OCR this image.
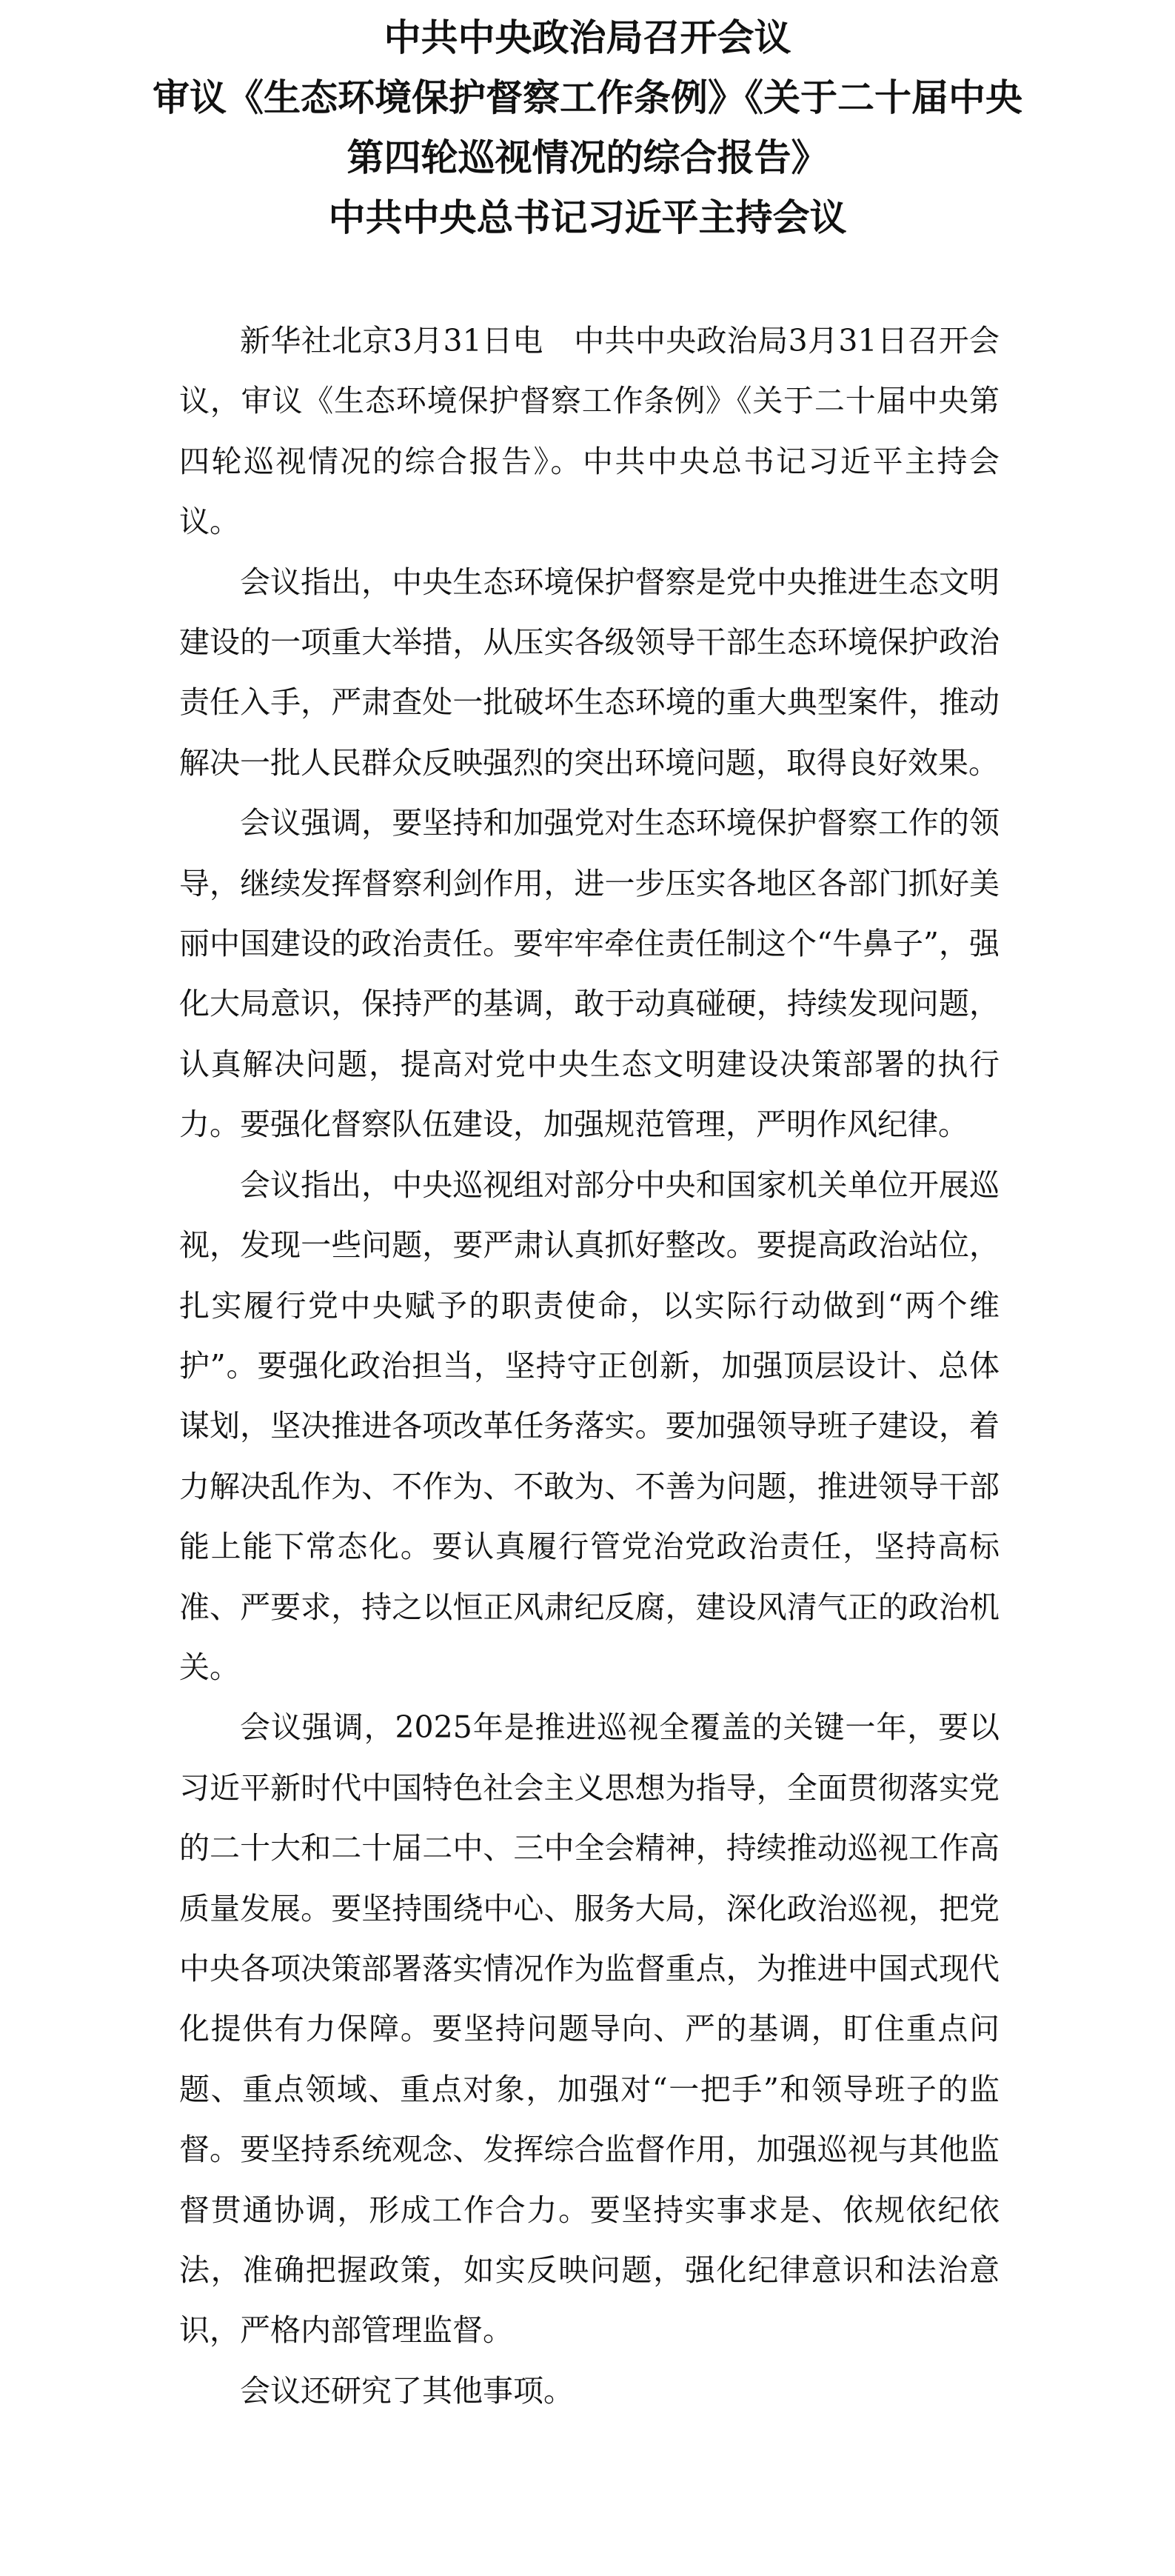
中共中央政治局召开会议
审议《生态环境保护督察工作条例》《关于二十届中央
第四轮巡视情况的综合报告》
中共中央总书记习近平主持会议

新华社北京3月31日电　中共中央政治局3月31日召开会议，审议《生态环境保护督察工作条例》《关于二十届中央第四轮巡视情况的综合报告》。中共中央总书记习近平主持会议。

会议指出，中央生态环境保护督察是党中央推进生态文明建设的一项重大举措，从压实各级领导干部生态环境保护政治责任入手，严肃查处一批破坏生态环境的重大典型案件，推动解决一批人民群众反映强烈的突出环境问题，取得良好效果。

会议强调，要坚持和加强党对生态环境保护督察工作的领导，继续发挥督察利剑作用，进一步压实各地区各部门抓好美丽中国建设的政治责任。要牢牢牵住责任制这个“牛鼻子”，强化大局意识，保持严的基调，敢于动真碰硬，持续发现问题，认真解决问题，提高对党中央生态文明建设决策部署的执行力。要强化督察队伍建设，加强规范管理，严明作风纪律。

会议指出，中央巡视组对部分中央和国家机关单位开展巡视，发现一些问题，要严肃认真抓好整改。要提高政治站位，扎实履行党中央赋予的职责使命，以实际行动做到“两个维护”。要强化政治担当，坚持守正创新，加强顶层设计、总体谋划，坚决推进各项改革任务落实。要加强领导班子建设，着力解决乱作为、不作为、不敢为、不善为问题，推进领导干部能上能下常态化。要认真履行管党治党政治责任，坚持高标准、严要求，持之以恒正风肃纪反腐，建设风清气正的政治机关。

会议强调，2025年是推进巡视全覆盖的关键一年，要以习近平新时代中国特色社会主义思想为指导，全面贯彻落实党的二十大和二十届二中、三中全会精神，持续推动巡视工作高质量发展。要坚持围绕中心、服务大局，深化政治巡视，把党中央各项决策部署落实情况作为监督重点，为推进中国式现代化提供有力保障。要坚持问题导向、严的基调，盯住重点问题、重点领域、重点对象，加强对“一把手”和领导班子的监督。要坚持系统观念、发挥综合监督作用，加强巡视与其他监督贯通协调，形成工作合力。要坚持实事求是、依规依纪依法，准确把握政策，如实反映问题，强化纪律意识和法治意识，严格内部管理监督。

会议还研究了其他事项。
